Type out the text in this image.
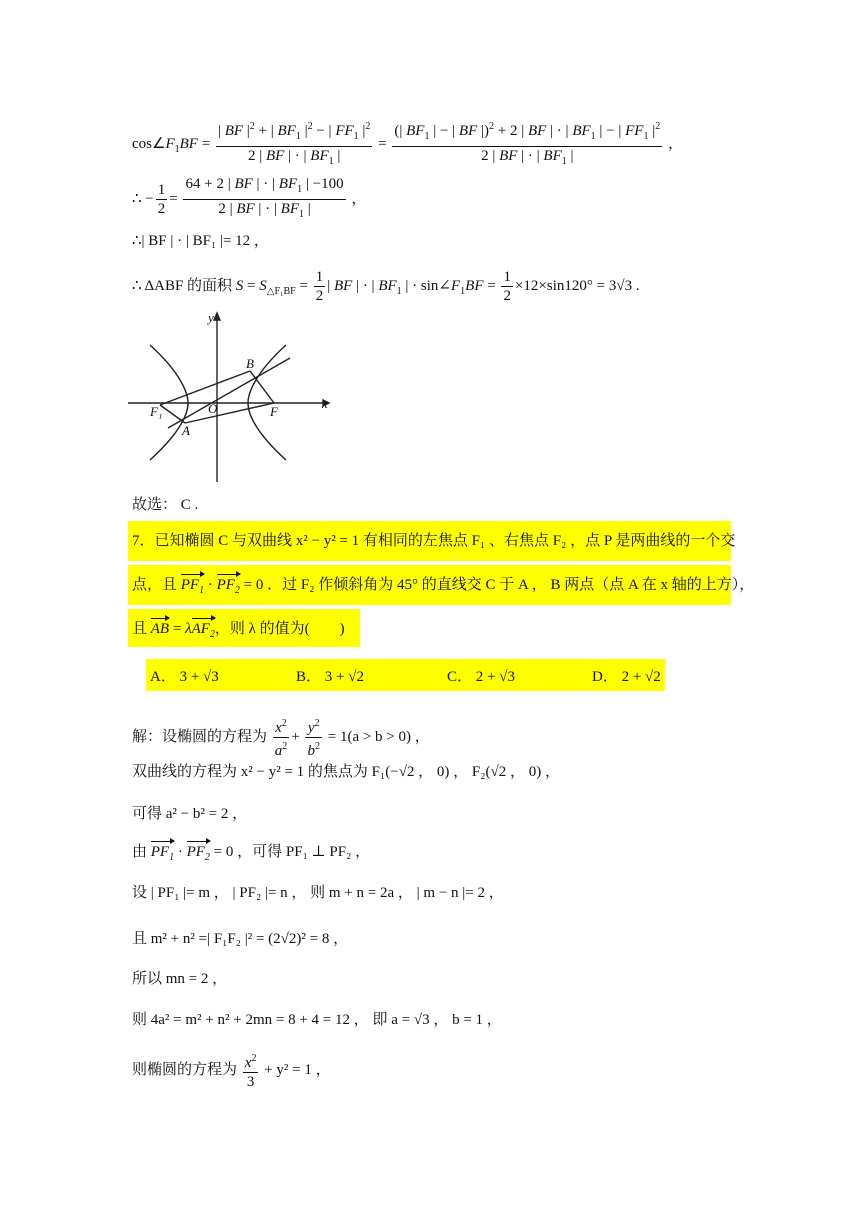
$\cos\angle F_1BF = \frac{| BF |^2 + | BF_1 |^2 - | FF_1 |^2}{2 | BF | \cdot | BF_1 |} = \frac{(| BF_1 | - | BF |)^2 + 2 | BF | \cdot | BF_1 | - | FF_1 |^2}{2 | BF | \cdot | BF_1 |}$ ，
∴ − $\frac{1}{2} = \frac{64 + 2 | BF | \cdot | BF_1 | -100}{2 | BF | \cdot | BF_1 |}$ ，
∴| BF | · | BF₁ |= 12 ，
∴ ΔABF 的面积 $S = S_{\triangle F_1BF} = \frac{1}{2}$ | BF | · | $BF_1$ | · $\sin\angle F_1BF = \frac{1}{2} \times 12\times\sin 120^\circ = 3√3$ .
y
x
B
F₁	O	F
A
故选： C .
7．已知椭圆 C 与双曲线 x² − y² = 1 有相同的左焦点 F₁ 、右焦点 F₂ ，点 P 是两曲线的一个交
点，且 $PF_1 \cdot PF_2 = 0$ ．过 F₂ 作倾斜角为 45° 的直线交 C 于 A ， B 两点（点 A 在 x 轴的上方），
且 AB = λAF$_2$，则 λ 的值为(　　)
A． 3 + √3	B． 3 + √2	C． 2 + √3	D． 2 + √2
解：设椭圆的方程为 $\frac{x^2}{a^2} + \frac{y^2}{b^2} = 1(a > b > 0)$ ，
双曲线的方程为 x² − y² = 1 的焦点为 F₁(−√2 ， 0) ， F₂(√2 ， 0) ，
可得 a² − b² = 2 ，
由 $PF_1 \cdot PF_2 = 0$ ，可得 PF₁ ⊥ PF₂ ，
设 | PF₁ |= m ， | PF₂ |= n ， 则 m + n = 2a ， | m − n |= 2 ，
且 m² + n² =| F₁F₂ |² = (2√2)² = 8 ，
所以 mn = 2 ，
则 4a² = m² + n² + 2mn = 8 + 4 = 12 ， 即 a = √3 ， b = 1 ，
则椭圆的方程为 $\frac{x^2}{3} + y^2 = 1$ ，
